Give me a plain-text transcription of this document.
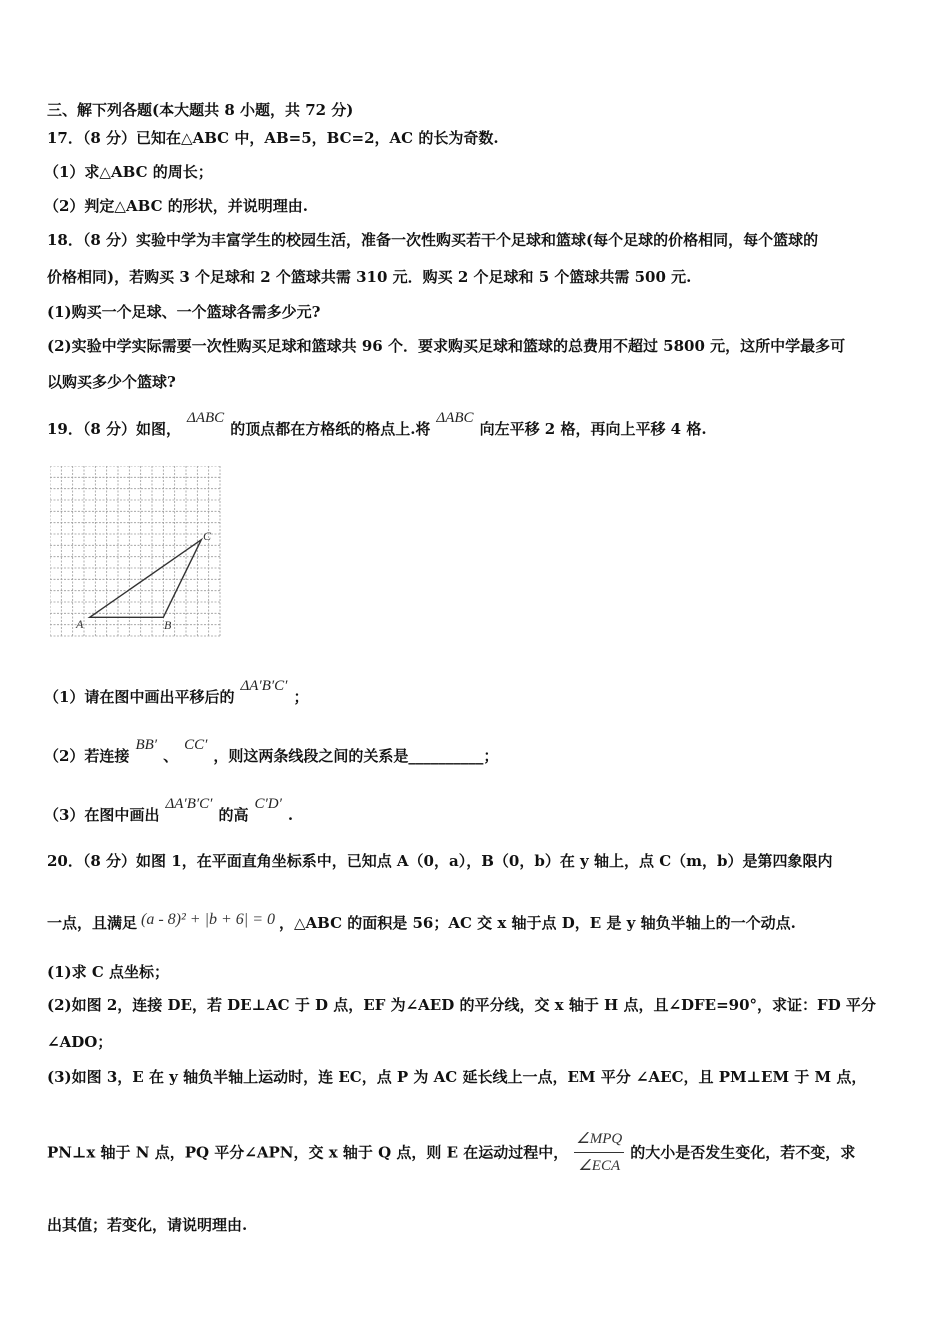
三、解下列各题(本大题共 8 小题，共 72 分)
17．（8 分）已知在△ABC 中，AB=5，BC=2，AC 的长为奇数.
（1）求△ABC 的周长；
（2）判定△ABC 的形状，并说明理由.
18．（8 分）实验中学为丰富学生的校园生活，准备一次性购买若干个足球和篮球(每个足球的价格相同，每个篮球的
价格相同)，若购买 3 个足球和 2 个篮球共需 310 元．购买 2 个足球和 5 个篮球共需 500 元.
(1)购买一个足球、一个篮球各需多少元?
(2)实验中学实际需要一次性购买足球和篮球共 96 个．要求购买足球和篮球的总费用不超过 5800 元，这所中学最多可
以购买多少个篮球?
19．（8 分）如图，ΔABC的顶点都在方格纸的格点上.将ΔABC向左平移 2 格，再向上平移 4 格.
A	B
C
（1）请在图中画出平移后的ΔA′B′C′；
（2）若连接BB′、CC′，则这两条线段之间的关系是__________；
（3）在图中画出ΔA′B′C′的高C′D′.
20．（8 分）如图 1，在平面直角坐标系中，已知点 A（0，a），B（0，b）在 y 轴上，点 C（m，b）是第四象限内
一点，且满足 (a - 8)² + |b + 6| = 0 ，△ABC 的面积是 56；AC 交 x 轴于点 D，E 是 y 轴负半轴上的一个动点.
(1)求 C 点坐标；
(2)如图 2，连接 DE，若 DE⊥AC 于 D 点，EF 为∠AED 的平分线，交 x 轴于 H 点，且∠DFE=90°，求证：FD 平分
∠ADO；
(3)如图 3，E 在 y 轴负半轴上运动时，连 EC，点 P 为 AC 延长线上一点，EM 平分 ∠AEC，且 PM⊥EM 于 M 点，
PN⊥x 轴于 N 点，PQ 平分∠APN，交 x 轴于 Q 点，则 E 在运动过程中， $\frac{\text{∠MPQ}}{\text{∠ECA}}$ 的大小是否发生变化，若不变，求
出其值；若变化，请说明理由.
